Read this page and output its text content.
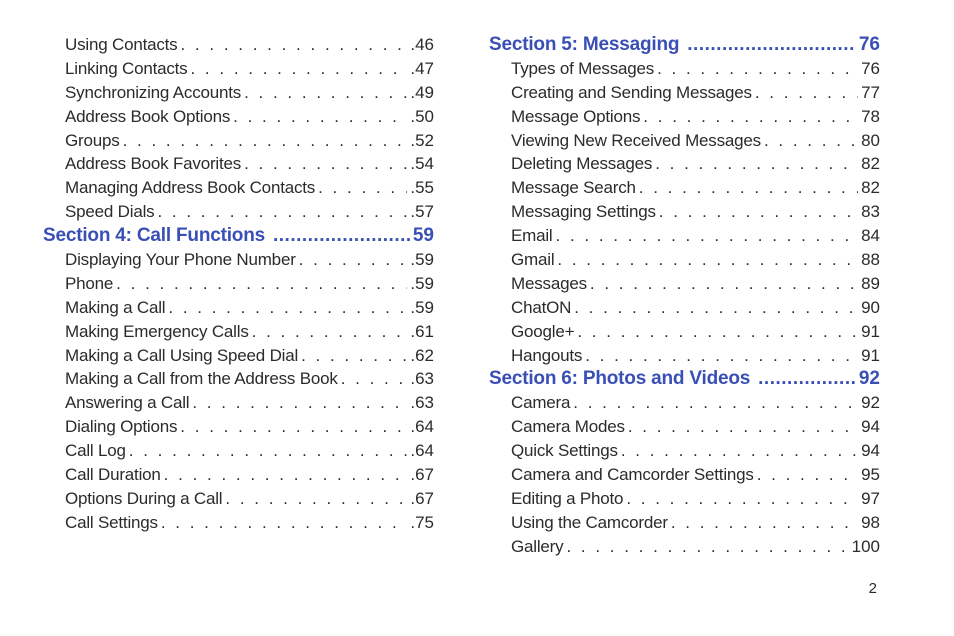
Using Contacts . . .	.46
Linking Contacts . . .	.47
Synchronizing Accounts . . .	.49
Address Book Options . . .	.50
Groups . . .	.52
Address Book Favorites . . .	.54
Managing Address Book Contacts . . .	.55
Speed Dials . . .	.57
Section 4: Call Functions .....	59
Displaying Your Phone Number . . .	.59
Phone . . .	.59
Making a Call . . .	.59
Making Emergency Calls . . .	.61
Making a Call Using Speed Dial . . .	.62
Making a Call from the Address Book . . .	.63
Answering a Call . . .	.63
Dialing Options . . .	.64
Call Log . . .	.64
Call Duration . . .	.67
Options During a Call . . .	.67
Call Settings . . .	.75
Section 5: Messaging .....	76
Types of Messages . . .	76
Creating and Sending Messages . . .	77
Message Options . . .	78
Viewing New Received Messages . . .	80
Deleting Messages . . .	82
Message Search . . .	82
Messaging Settings . . .	83
Email . . .	84
Gmail . . .	88
Messages . . .	89
ChatON . . .	90
Google+ . . .	91
Hangouts . . .	91
Section 6: Photos and Videos .....	92
Camera . . .	92
Camera Modes . . .	94
Quick Settings . . .	94
Camera and Camcorder Settings . . .	95
Editing a Photo . . .	97
Using the Camcorder . . .	98
Gallery . . .	100
2
